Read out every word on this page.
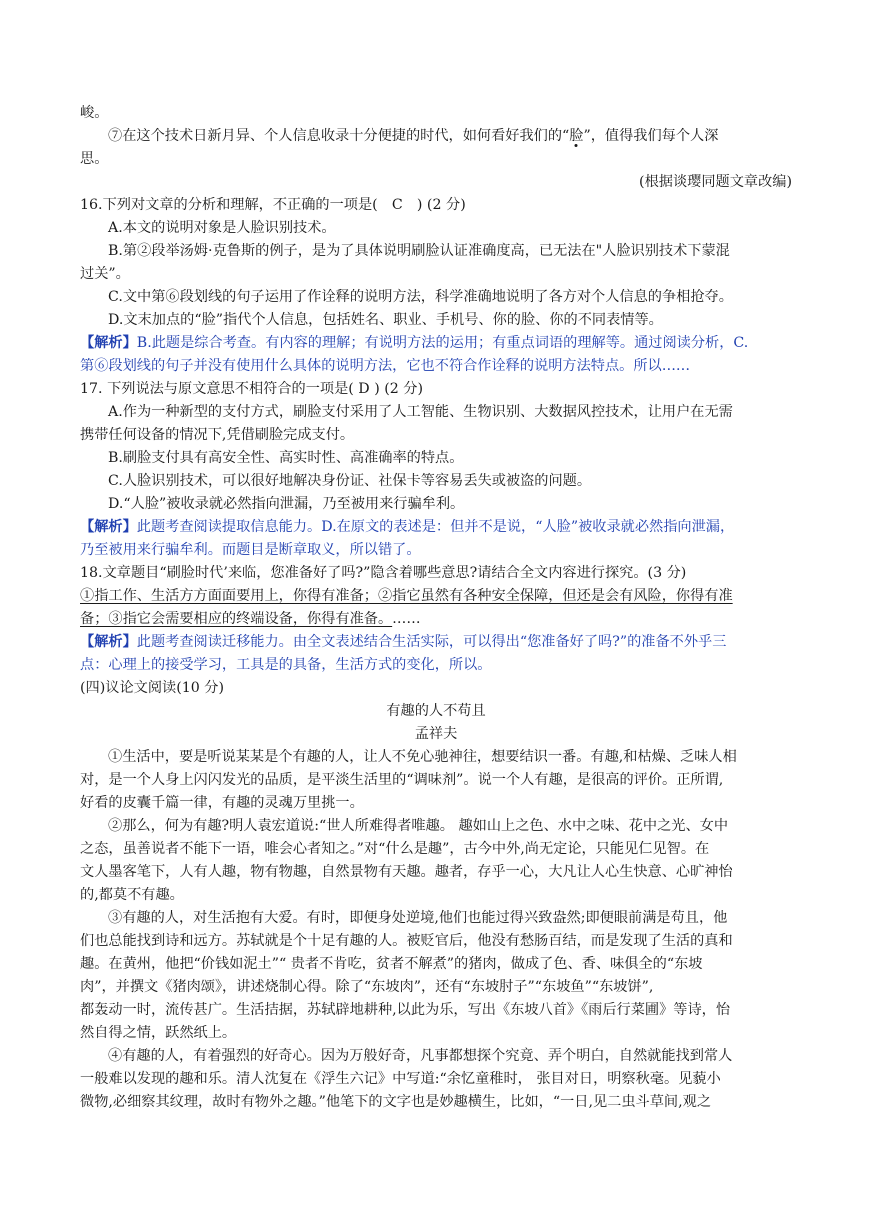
峻。
⑦在这个技术日新月异、个人信息收录十分便捷的时代，如何看好我们的“脸”，值得我们每个人深
思。
(根据谈璎同题文章改编)
16.下列对文章的分析和理解，不正确的一项是(　C　) (2 分)
A.本文的说明对象是人脸识别技术。
B.第②段举汤姆·克鲁斯的例子，是为了具体说明刷脸认证准确度高，已无法在"人脸识别技术下蒙混
过关”。
C.文中第⑥段划线的句子运用了作诠释的说明方法，科学准确地说明了各方对个人信息的争相抢夺。
D.文末加点的“脸”指代个人信息，包括姓名、职业、手机号、你的脸、你的不同表情等。
【解析】B.此题是综合考查。有内容的理解；有说明方法的运用；有重点词语的理解等。通过阅读分析，C.
第⑥段划线的句子并没有使用什么具体的说明方法，它也不符合作诠释的说明方法特点。所以……
17. 下列说法与原文意思不相符合的一项是( D ) (2 分)
A.作为一种新型的支付方式，刷脸支付采用了人工智能、生物识别、大数据风控技术，让用户在无需
携带任何设备的情况下,凭借刷脸完成支付。
B.刷脸支付具有高安全性、高实时性、高准确率的特点。
C.人脸识别技术，可以很好地解决身份证、社保卡等容易丢失或被盗的问题。
D.“人脸”被收录就必然指向泄漏，乃至被用来行骗牟利。
【解析】此题考查阅读提取信息能力。D.在原文的表述是：但并不是说，“人脸”被收录就必然指向泄漏，
乃至被用来行骗牟利。而题目是断章取义，所以错了。
18.文章题目“刷脸时代’来临，您准备好了吗?”隐含着哪些意思?请结合全文内容进行探究。(3 分)
①指工作、生活方方面面要用上，你得有准备；②指它虽然有各种安全保障，但还是会有风险，你得有准
备；③指它会需要相应的终端设备，你得有准备。……
【解析】此题考查阅读迁移能力。由全文表述结合生活实际，可以得出“您准备好了吗?”的准备不外乎三
点：心理上的接受学习，工具是的具备，生活方式的变化，所以。
(四)议论文阅读(10 分)
有趣的人不苟且
孟祥夫
①生活中，要是听说某某是个有趣的人，让人不免心驰神往，想要结识一番。有趣,和枯燥、乏味人相
对，是一个人身上闪闪发光的品质，是平淡生活里的“调味剂”。说一个人有趣，是很高的评价。正所谓,
好看的皮囊千篇一律，有趣的灵魂万里挑一。
②那么，何为有趣?明人袁宏道说:“世人所难得者唯趣。 趣如山上之色、水中之味、花中之光、女中
之态，虽善说者不能下一语，唯会心者知之。”对“什么是趣”，古今中外,尚无定论，只能见仁见智。在
文人墨客笔下，人有人趣，物有物趣，自然景物有天趣。趣者，存乎一心，大凡让人心生快意、心旷神怡
的,都莫不有趣。
③有趣的人，对生活抱有大爱。有时，即便身处逆境,他们也能过得兴致盎然;即便眼前满是苟且，他
们也总能找到诗和远方。苏轼就是个十足有趣的人。被贬官后，他没有愁肠百结，而是发现了生活的真和
趣。在黄州，他把“价钱如泥土”“ 贵者不肯吃，贫者不解煮”的猪肉，做成了色、香、味俱全的“东坡
肉”，并撰文《猪肉颂》，讲述烧制心得。除了“东坡肉”，还有“东坡肘子”“东坡鱼”“东坡饼”,
都轰动一时，流传甚广。生活拮据，苏轼辟地耕种,以此为乐，写出《东坡八首》《雨后行菜圃》等诗，怡
然自得之情，跃然纸上。
④有趣的人，有着强烈的好奇心。因为万般好奇，凡事都想探个究竟、弄个明白，自然就能找到常人
一般难以发现的趣和乐。清人沈复在《浮生六记》中写道:“余忆童稚时， 张目对日，明察秋毫。见藐小
微物,必细察其纹理，故时有物外之趣。”他笔下的文字也是妙趣横生，比如，“一日,见二虫斗草间,观之
